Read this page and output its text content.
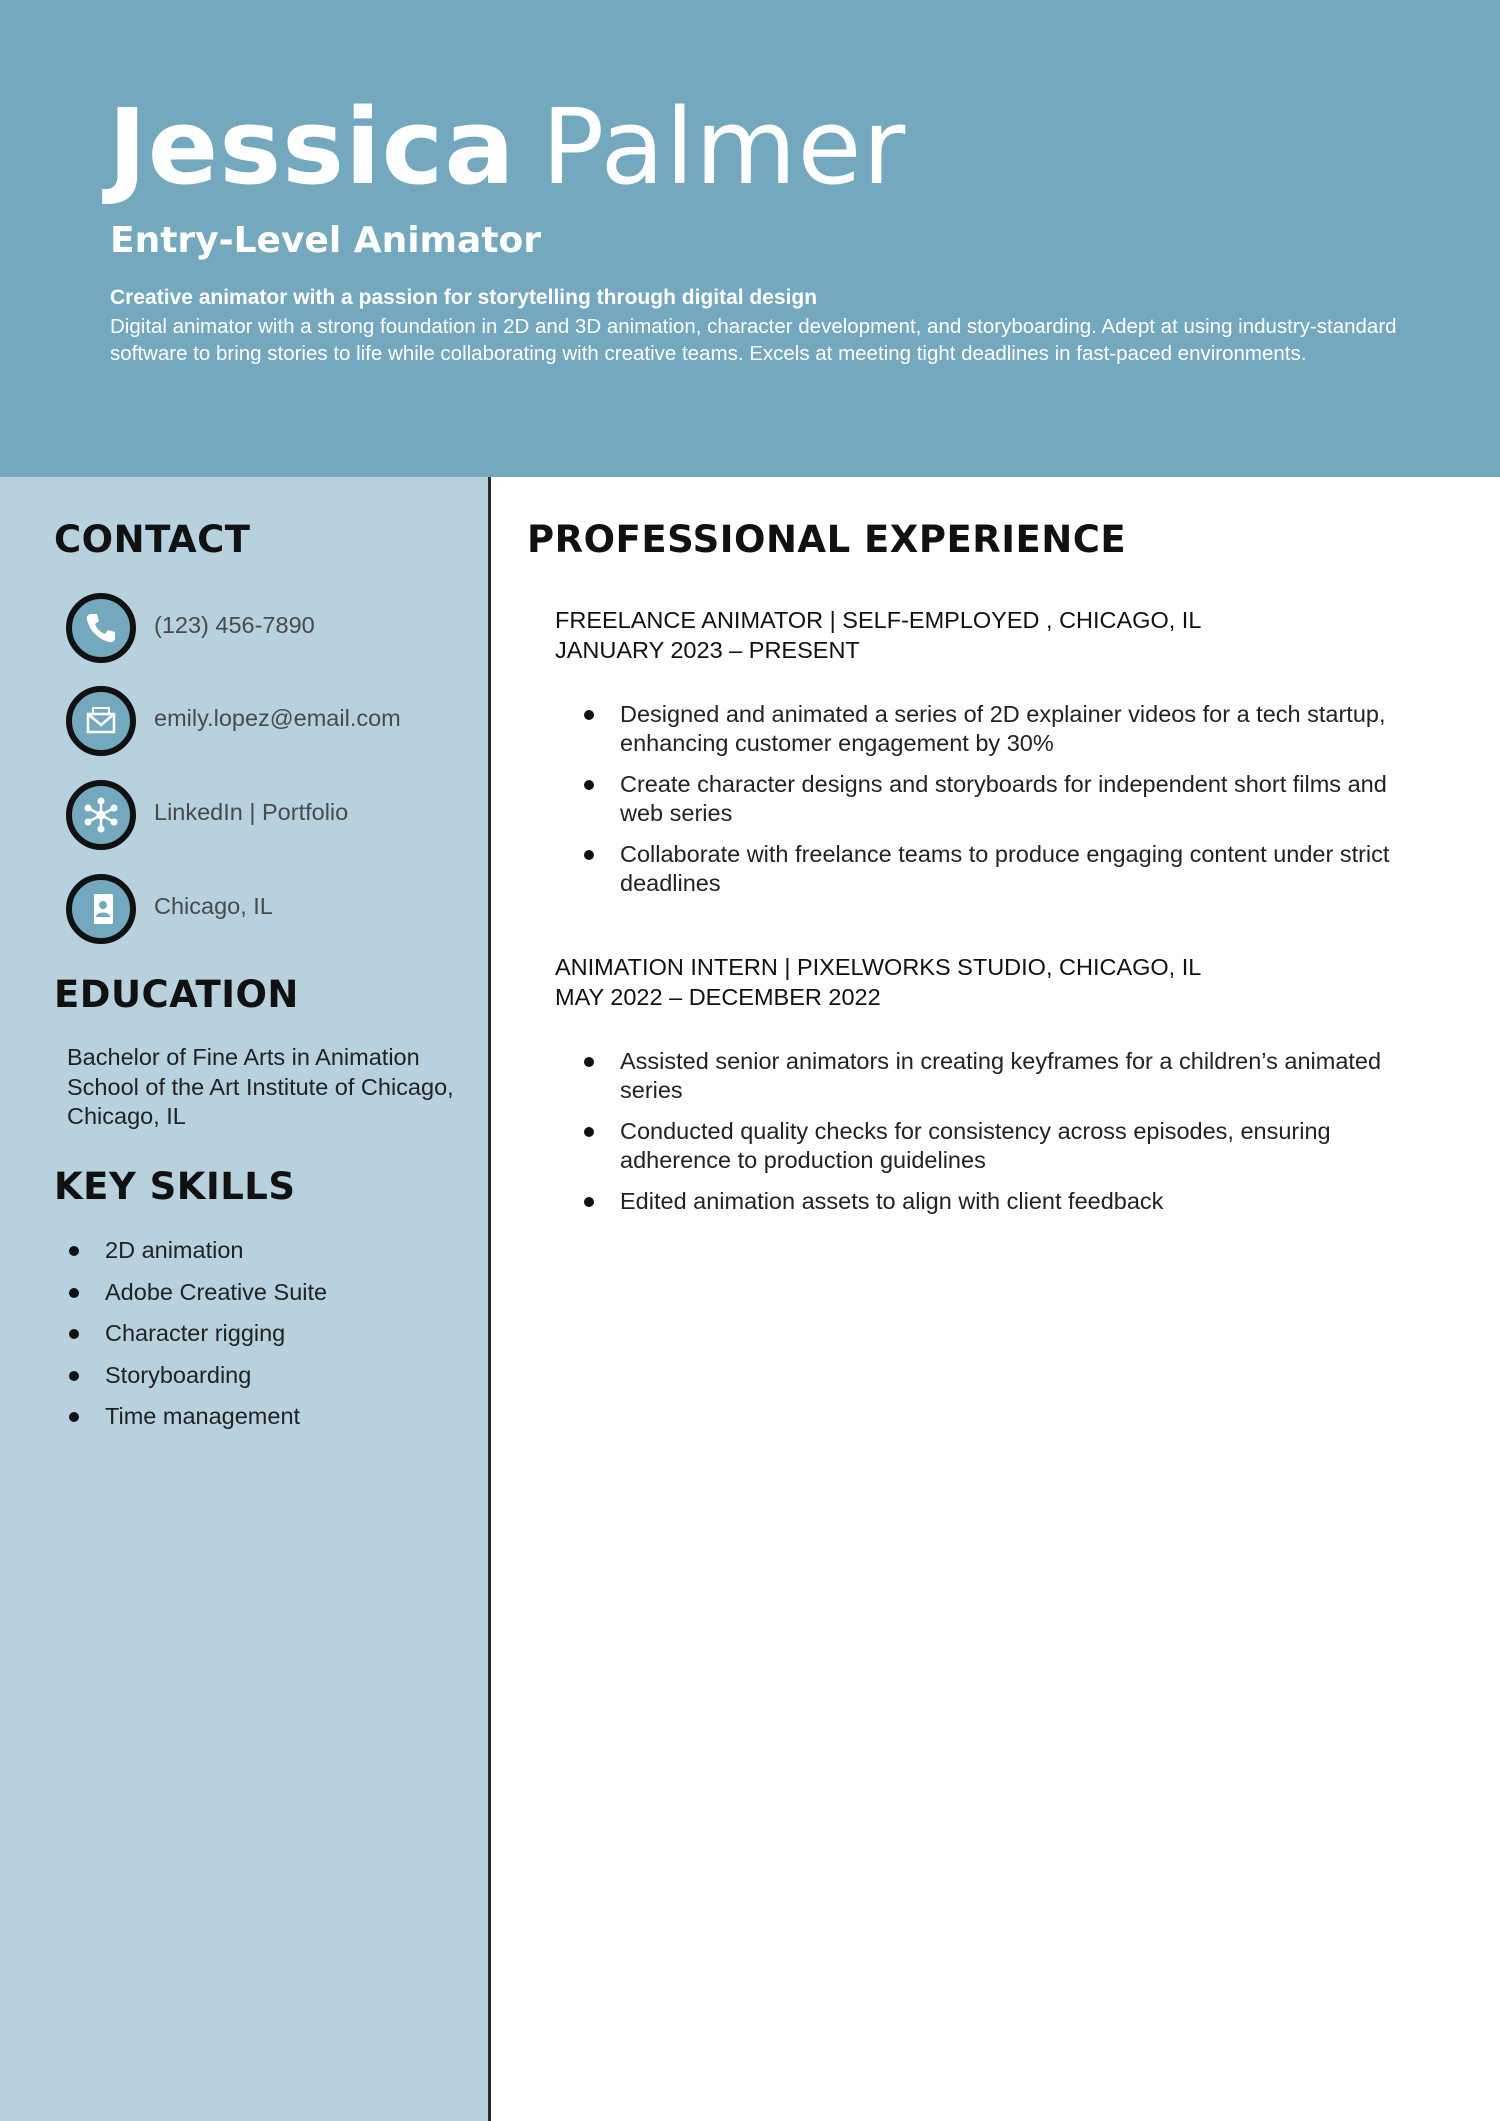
Jessica Palmer
Entry-Level Animator
Creative animator with a passion for storytelling through digital design
Digital animator with a strong foundation in 2D and 3D animation, character development, and storyboarding. Adept at using industry-standard software to bring stories to life while collaborating with creative teams. Excels at meeting tight deadlines in fast-paced environments.
CONTACT
(123) 456-7890
emily.lopez@email.com
LinkedIn | Portfolio
Chicago, IL
EDUCATION
Bachelor of Fine Arts in Animation School of the Art Institute of Chicago, Chicago, IL
KEY SKILLS
2D animation
Adobe Creative Suite
Character rigging
Storyboarding
Time management
PROFESSIONAL EXPERIENCE
FREELANCE ANIMATOR | SELF-EMPLOYED , CHICAGO, IL
JANUARY 2023 – PRESENT
Designed and animated a series of 2D explainer videos for a tech startup, enhancing customer engagement by 30%
Create character designs and storyboards for independent short films and web series
Collaborate with freelance teams to produce engaging content under strict deadlines
ANIMATION INTERN | PIXELWORKS STUDIO, CHICAGO, IL
MAY 2022 – DECEMBER 2022
Assisted senior animators in creating keyframes for a children’s animated series
Conducted quality checks for consistency across episodes, ensuring adherence to production guidelines
Edited animation assets to align with client feedback
